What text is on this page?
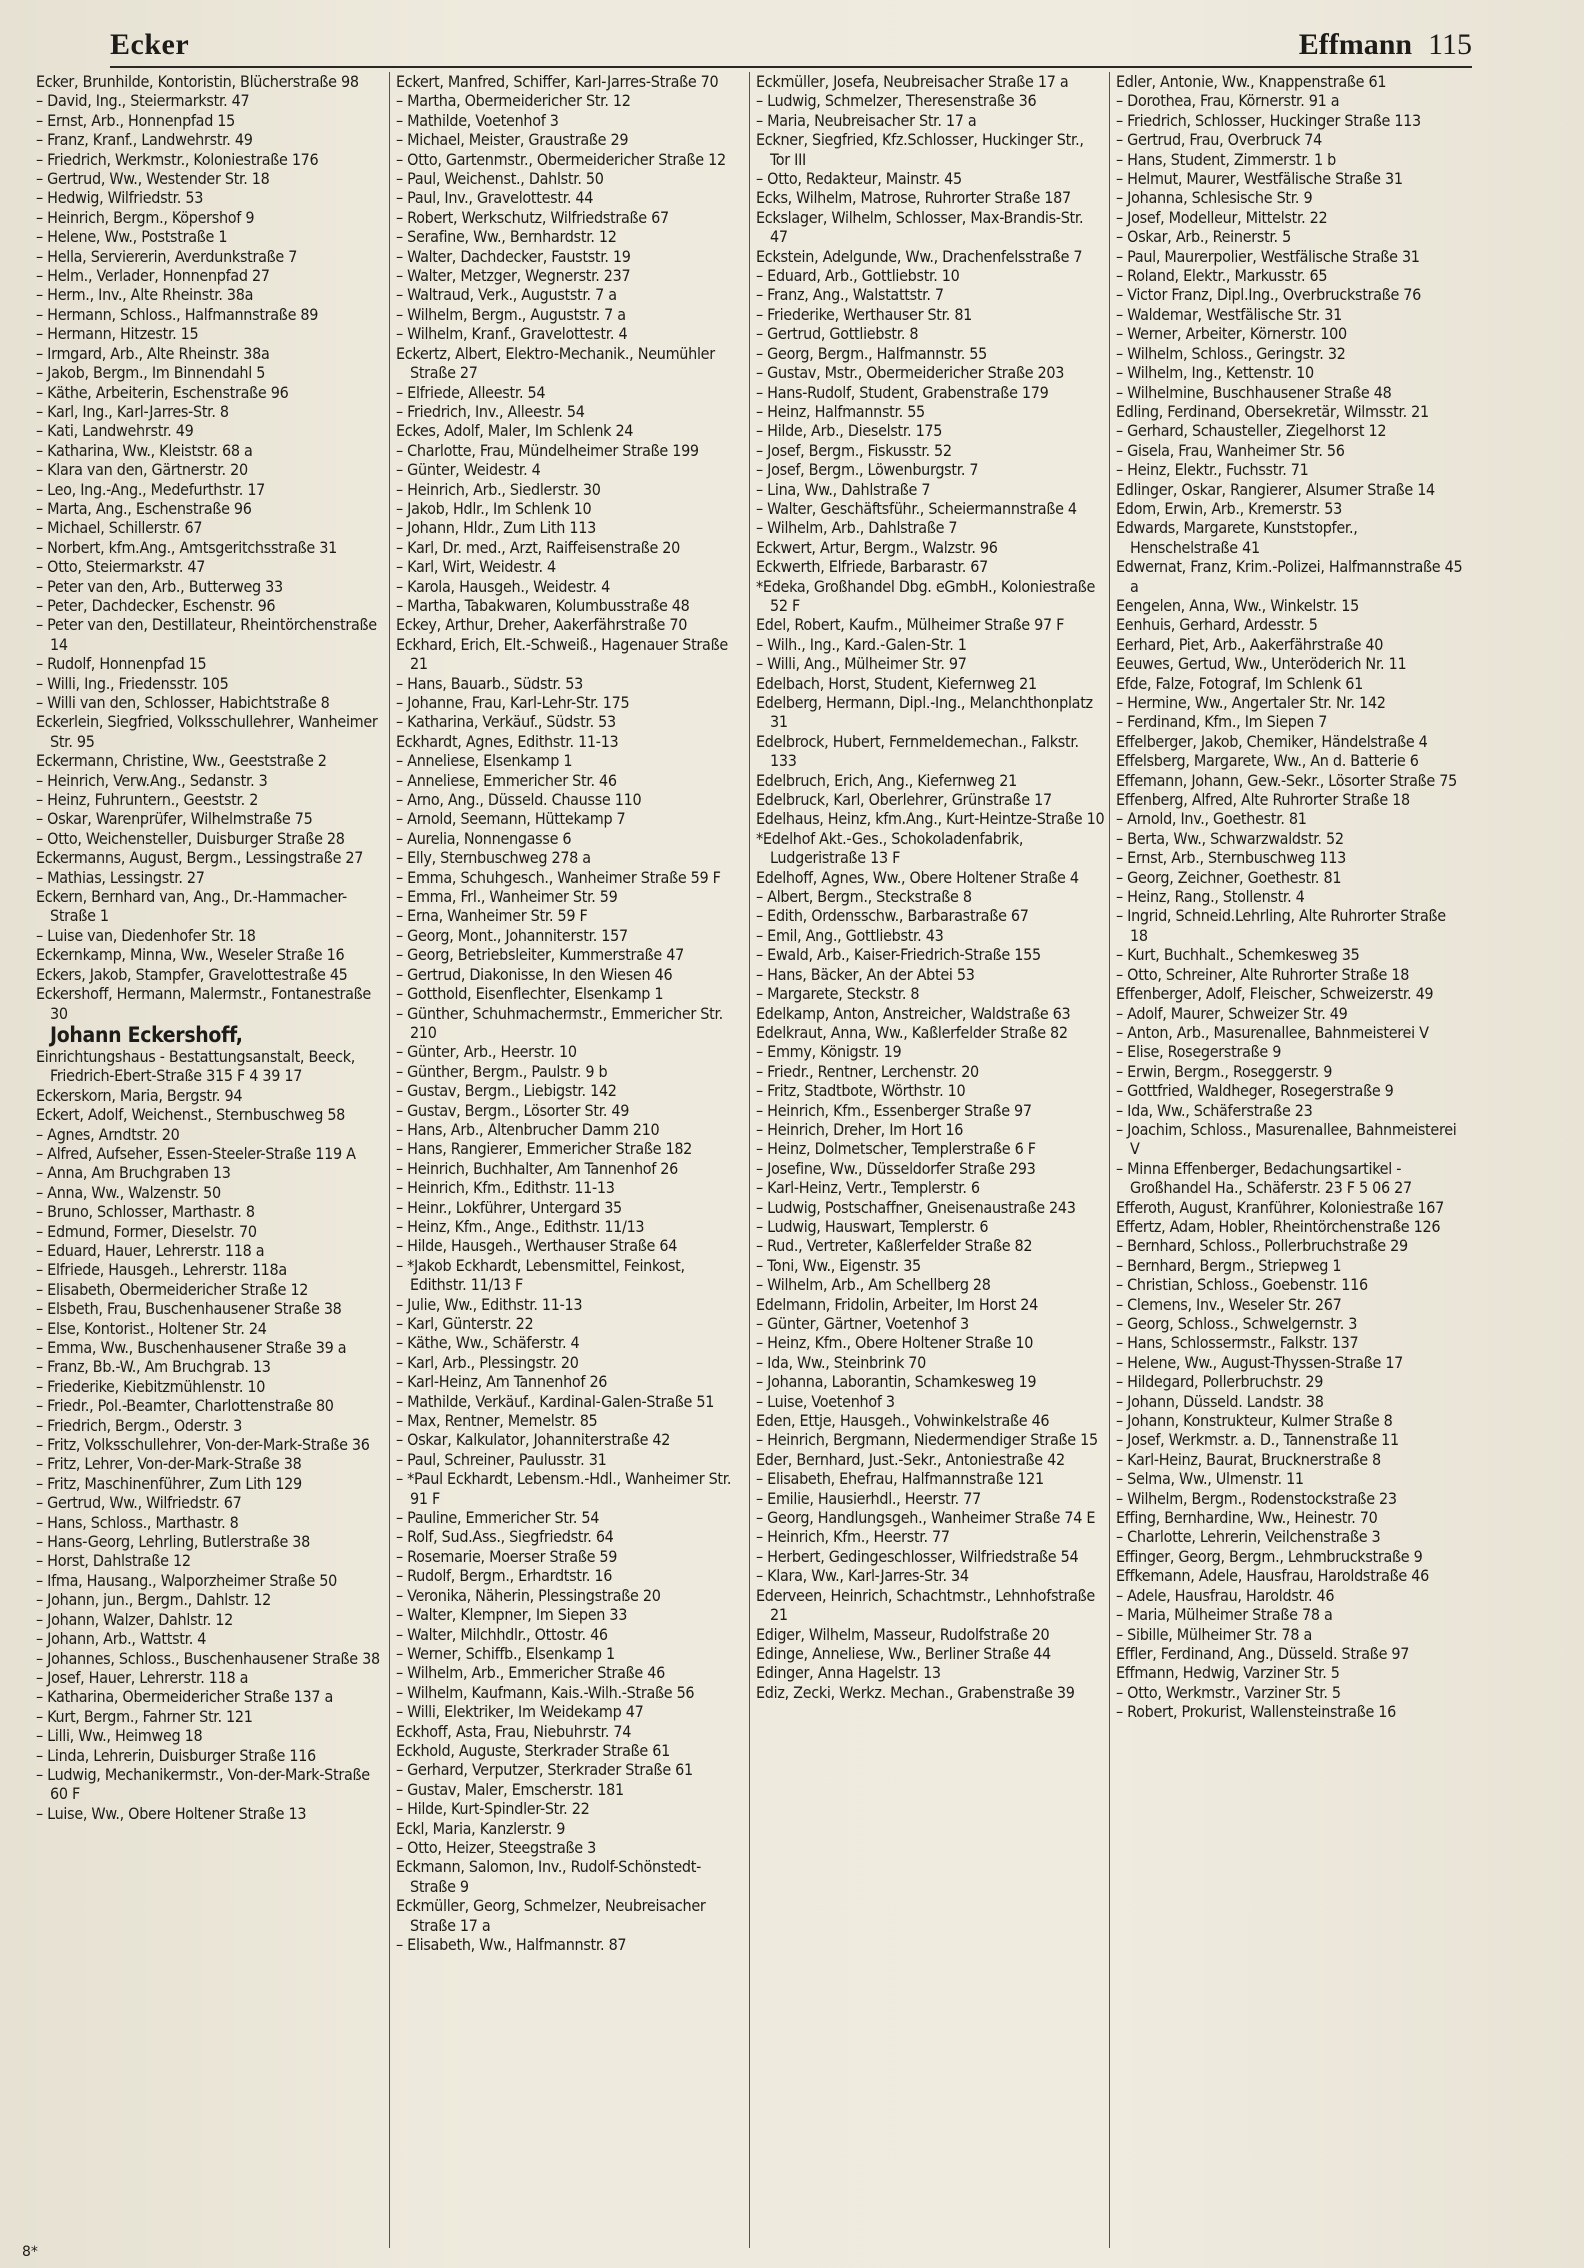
Ecker	Effmann 115
Ecker, Brunhilde, Kontoristin, Blücherstraße 98
– David, Ing., Steiermarkstr. 47
– Ernst, Arb., Honnenpfad 15
– Franz, Kranf., Landwehrstr. 49
– Friedrich, Werkmstr., Koloniestraße 176
– Gertrud, Ww., Westender Str. 18
– Hedwig, Wilfriedstr. 53
– Heinrich, Bergm., Köpershof 9
– Helene, Ww., Poststraße 1
– Hella, Serviererin, Averdunkstraße 7
– Helm., Verlader, Honnenpfad 27
– Herm., Inv., Alte Rheinstr. 38a
– Hermann, Schloss., Halfmannstraße 89
– Hermann, Hitzestr. 15
– Irmgard, Arb., Alte Rheinstr. 38a
– Jakob, Bergm., Im Binnendahl 5
– Käthe, Arbeiterin, Eschenstraße 96
– Karl, Ing., Karl-Jarres-Str. 8
– Kati, Landwehrstr. 49
– Katharina, Ww., Kleiststr. 68 a
– Klara van den, Gärtnerstr. 20
– Leo, Ing.-Ang., Medefurthstr. 17
– Marta, Ang., Eschenstraße 96
– Michael, Schillerstr. 67
– Norbert, kfm.Ang., Amtsgeritchsstraße 31
– Otto, Steiermarkstr. 47
– Peter van den, Arb., Butterweg 33
– Peter, Dachdecker, Eschenstr. 96
– Peter van den, Destillateur, Rheintörchenstraße 14
– Rudolf, Honnenpfad 15
– Willi, Ing., Friedensstr. 105
– Willi van den, Schlosser, Habichtstraße 8
Eckerlein, Siegfried, Volksschullehrer, Wanheimer Str. 95
Eckermann, Christine, Ww., Geeststraße 2
– Heinrich, Verw.Ang., Sedanstr. 3
– Heinz, Fuhruntern., Geeststr. 2
– Oskar, Warenprüfer, Wilhelmstraße 75
– Otto, Weichensteller, Duisburger Straße 28
Eckermanns, August, Bergm., Lessingstraße 27
– Mathias, Lessingstr. 27
Eckern, Bernhard van, Ang., Dr.-Hammacher-Straße 1
– Luise van, Diedenhofer Str. 18
Eckernkamp, Minna, Ww., Weseler Straße 16
Eckers, Jakob, Stampfer, Gravelottestraße 45
Eckershoff, Hermann, Malermstr., Fontanestraße 30
Johann Eckershoff,
Einrichtungshaus - Bestattungsanstalt, Beeck, Friedrich-Ebert-Straße 315 F 4 39 17
Eckerskorn, Maria, Bergstr. 94
Eckert, Adolf, Weichenst., Sternbuschweg 58
– Agnes, Arndtstr. 20
– Alfred, Aufseher, Essen-Steeler-Straße 119 A
– Anna, Am Bruchgraben 13
– Anna, Ww., Walzenstr. 50
– Bruno, Schlosser, Marthastr. 8
– Edmund, Former, Dieselstr. 70
– Eduard, Hauer, Lehrerstr. 118 a
– Elfriede, Hausgeh., Lehrerstr. 118a
– Elisabeth, Obermeidericher Straße 12
– Elsbeth, Frau, Buschenhausener Straße 38
– Else, Kontorist., Holtener Str. 24
– Emma, Ww., Buschenhausener Straße 39 a
– Franz, Bb.-W., Am Bruchgrab. 13
– Friederike, Kiebitzmühlenstr. 10
– Friedr., Pol.-Beamter, Charlottenstraße 80
– Friedrich, Bergm., Oderstr. 3
– Fritz, Volksschullehrer, Von-der-Mark-Straße 36
– Fritz, Lehrer, Von-der-Mark-Straße 38
– Fritz, Maschinenführer, Zum Lith 129
– Gertrud, Ww., Wilfriedstr. 67
– Hans, Schloss., Marthastr. 8
– Hans-Georg, Lehrling, Butlerstraße 38
– Horst, Dahlstraße 12
– Ifma, Hausang., Walporzheimer Straße 50
– Johann, jun., Bergm., Dahlstr. 12
– Johann, Walzer, Dahlstr. 12
– Johann, Arb., Wattstr. 4
– Johannes, Schloss., Buschenhausener Straße 38
– Josef, Hauer, Lehrerstr. 118 a
– Katharina, Obermeidericher Straße 137 a
– Kurt, Bergm., Fahrner Str. 121
– Lilli, Ww., Heimweg 18
– Linda, Lehrerin, Duisburger Straße 116
– Ludwig, Mechanikermstr., Von-der-Mark-Straße 60 F
– Luise, Ww., Obere Holtener Straße 13
Eckert, Manfred, Schiffer, Karl-Jarres-Straße 70
– Martha, Obermeidericher Str. 12
– Mathilde, Voetenhof 3
– Michael, Meister, Graustraße 29
– Otto, Gartenmstr., Obermeidericher Straße 12
– Paul, Weichenst., Dahlstr. 50
– Paul, Inv., Gravelottestr. 44
– Robert, Werkschutz, Wilfriedstraße 67
– Serafine, Ww., Bernhardstr. 12
– Walter, Dachdecker, Fauststr. 19
– Walter, Metzger, Wegnerstr. 237
– Waltraud, Verk., Auguststr. 7 a
– Wilhelm, Bergm., Auguststr. 7 a
– Wilhelm, Kranf., Gravelottestr. 4
Eckertz, Albert, Elektro-Mechanik., Neumühler Straße 27
– Elfriede, Alleestr. 54
– Friedrich, Inv., Alleestr. 54
Eckes, Adolf, Maler, Im Schlenk 24
– Charlotte, Frau, Mündelheimer Straße 199
– Günter, Weidestr. 4
– Heinrich, Arb., Siedlerstr. 30
– Jakob, Hdlr., Im Schlenk 10
– Johann, Hldr., Zum Lith 113
– Karl, Dr. med., Arzt, Raiffeisenstraße 20
– Karl, Wirt, Weidestr. 4
– Karola, Hausgeh., Weidestr. 4
– Martha, Tabakwaren, Kolumbusstraße 48
Eckey, Arthur, Dreher, Aakerfährstraße 70
Eckhard, Erich, Elt.-Schweiß., Hagenauer Straße 21
– Hans, Bauarb., Südstr. 53
– Johanne, Frau, Karl-Lehr-Str. 175
– Katharina, Verkäuf., Südstr. 53
Eckhardt, Agnes, Edithstr. 11-13
– Anneliese, Elsenkamp 1
– Anneliese, Emmericher Str. 46
– Arno, Ang., Düsseld. Chausse 110
– Arnold, Seemann, Hüttekamp 7
– Aurelia, Nonnengasse 6
– Elly, Sternbuschweg 278 a
– Emma, Schuhgesch., Wanheimer Straße 59 F
– Emma, Frl., Wanheimer Str. 59
– Erna, Wanheimer Str. 59 F
– Georg, Mont., Johanniterstr. 157
– Georg, Betriebsleiter, Kummerstraße 47
– Gertrud, Diakonisse, In den Wiesen 46
– Gotthold, Eisenflechter, Elsenkamp 1
– Günther, Schuhmachermstr., Emmericher Str. 210
– Günter, Arb., Heerstr. 10
– Günther, Bergm., Paulstr. 9 b
– Gustav, Bergm., Liebigstr. 142
– Gustav, Bergm., Lösorter Str. 49
– Hans, Arb., Altenbrucher Damm 210
– Hans, Rangierer, Emmericher Straße 182
– Heinrich, Buchhalter, Am Tannenhof 26
– Heinrich, Kfm., Edithstr. 11-13
– Heinr., Lokführer, Untergard 35
– Heinz, Kfm., Ange., Edithstr. 11/13
– Hilde, Hausgeh., Werthauser Straße 64
– *Jakob Eckhardt, Lebensmittel, Feinkost, Edithstr. 11/13 F
– Julie, Ww., Edithstr. 11-13
– Karl, Günterstr. 22
– Käthe, Ww., Schäferstr. 4
– Karl, Arb., Plessingstr. 20
– Karl-Heinz, Am Tannenhof 26
– Mathilde, Verkäuf., Kardinal-Galen-Straße 51
– Max, Rentner, Memelstr. 85
– Oskar, Kalkulator, Johanniterstraße 42
– Paul, Schreiner, Paulusstr. 31
– *Paul Eckhardt, Lebensm.-Hdl., Wanheimer Str. 91 F
– Pauline, Emmericher Str. 54
– Rolf, Sud.Ass., Siegfriedstr. 64
– Rosemarie, Moerser Straße 59
– Rudolf, Bergm., Erhardtstr. 16
– Veronika, Näherin, Plessingstraße 20
– Walter, Klempner, Im Siepen 33
– Walter, Milchhdlr., Ottostr. 46
– Werner, Schiffb., Elsenkamp 1
– Wilhelm, Arb., Emmericher Straße 46
– Wilhelm, Kaufmann, Kais.-Wilh.-Straße 56
– Willi, Elektriker, Im Weidekamp 47
Eckhoff, Asta, Frau, Niebuhrstr. 74
Eckhold, Auguste, Sterkrader Straße 61
– Gerhard, Verputzer, Sterkrader Straße 61
– Gustav, Maler, Emscherstr. 181
– Hilde, Kurt-Spindler-Str. 22
Eckl, Maria, Kanzlerstr. 9
– Otto, Heizer, Steegstraße 3
Eckmann, Salomon, Inv., Rudolf-Schönstedt-Straße 9
Eckmüller, Georg, Schmelzer, Neubreisacher Straße 17 a
– Elisabeth, Ww., Halfmannstr. 87
Eckmüller, Josefa, Neubreisacher Straße 17 a
– Ludwig, Schmelzer, Theresenstraße 36
– Maria, Neubreisacher Str. 17 a
Eckner, Siegfried, Kfz.Schlosser, Huckinger Str., Tor III
– Otto, Redakteur, Mainstr. 45
Ecks, Wilhelm, Matrose, Ruhrorter Straße 187
Eckslager, Wilhelm, Schlosser, Max-Brandis-Str. 47
Eckstein, Adelgunde, Ww., Drachenfelsstraße 7
– Eduard, Arb., Gottliebstr. 10
– Franz, Ang., Walstattstr. 7
– Friederike, Werthauser Str. 81
– Gertrud, Gottliebstr. 8
– Georg, Bergm., Halfmannstr. 55
– Gustav, Mstr., Obermeidericher Straße 203
– Hans-Rudolf, Student, Grabenstraße 179
– Heinz, Halfmannstr. 55
– Hilde, Arb., Dieselstr. 175
– Josef, Bergm., Fiskusstr. 52
– Josef, Bergm., Löwenburgstr. 7
– Lina, Ww., Dahlstraße 7
– Walter, Geschäftsführ., Scheiermannstraße 4
– Wilhelm, Arb., Dahlstraße 7
Eckwert, Artur, Bergm., Walzstr. 96
Eckwerth, Elfriede, Barbarastr. 67
*Edeka, Großhandel Dbg. eGmbH., Koloniestraße 52 F
Edel, Robert, Kaufm., Mülheimer Straße 97 F
– Wilh., Ing., Kard.-Galen-Str. 1
– Willi, Ang., Mülheimer Str. 97
Edelbach, Horst, Student, Kiefernweg 21
Edelberg, Hermann, Dipl.-Ing., Melanchthonplatz 31
Edelbrock, Hubert, Fernmeldemechan., Falkstr. 133
Edelbruch, Erich, Ang., Kiefernweg 21
Edelbruck, Karl, Oberlehrer, Grünstraße 17
Edelhaus, Heinz, kfm.Ang., Kurt-Heintze-Straße 10
*Edelhof Akt.-Ges., Schokoladenfabrik, Ludgeristraße 13 F
Edelhoff, Agnes, Ww., Obere Holtener Straße 4
– Albert, Bergm., Steckstraße 8
– Edith, Ordensschw., Barbarastraße 67
– Emil, Ang., Gottliebstr. 43
– Ewald, Arb., Kaiser-Friedrich-Straße 155
– Hans, Bäcker, An der Abtei 53
– Margarete, Steckstr. 8
Edelkamp, Anton, Anstreicher, Waldstraße 63
Edelkraut, Anna, Ww., Kaßlerfelder Straße 82
– Emmy, Königstr. 19
– Friedr., Rentner, Lerchenstr. 20
– Fritz, Stadtbote, Wörthstr. 10
– Heinrich, Kfm., Essenberger Straße 97
– Heinrich, Dreher, Im Hort 16
– Heinz, Dolmetscher, Templerstraße 6 F
– Josefine, Ww., Düsseldorfer Straße 293
– Karl-Heinz, Vertr., Templerstr. 6
– Ludwig, Postschaffner, Gneisenaustraße 243
– Ludwig, Hauswart, Templerstr. 6
– Rud., Vertreter, Kaßlerfelder Straße 82
– Toni, Ww., Eigenstr. 35
– Wilhelm, Arb., Am Schellberg 28
Edelmann, Fridolin, Arbeiter, Im Horst 24
– Günter, Gärtner, Voetenhof 3
– Heinz, Kfm., Obere Holtener Straße 10
– Ida, Ww., Steinbrink 70
– Johanna, Laborantin, Schamkesweg 19
– Luise, Voetenhof 3
Eden, Ettje, Hausgeh., Vohwinkelstraße 46
– Heinrich, Bergmann, Niedermendiger Straße 15
Eder, Bernhard, Just.-Sekr., Antoniestraße 42
– Elisabeth, Ehefrau, Halfmannstraße 121
– Emilie, Hausierhdl., Heerstr. 77
– Georg, Handlungsgeh., Wanheimer Straße 74 E
– Heinrich, Kfm., Heerstr. 77
– Herbert, Gedingeschlosser, Wilfriedstraße 54
– Klara, Ww., Karl-Jarres-Str. 34
Ederveen, Heinrich, Schachtmstr., Lehnhofstraße 21
Ediger, Wilhelm, Masseur, Rudolfstraße 20
Edinge, Anneliese, Ww., Berliner Straße 44
Edinger, Anna Hagelstr. 13
Ediz, Zecki, Werkz. Mechan., Grabenstraße 39
Edler, Antonie, Ww., Knappenstraße 61
– Dorothea, Frau, Körnerstr. 91 a
– Friedrich, Schlosser, Huckinger Straße 113
– Gertrud, Frau, Overbruck 74
– Hans, Student, Zimmerstr. 1 b
– Helmut, Maurer, Westfälische Straße 31
– Johanna, Schlesische Str. 9
– Josef, Modelleur, Mittelstr. 22
– Oskar, Arb., Reinerstr. 5
– Paul, Maurerpolier, Westfälische Straße 31
– Roland, Elektr., Markusstr. 65
– Victor Franz, Dipl.Ing., Overbruckstraße 76
– Waldemar, Westfälische Str. 31
– Werner, Arbeiter, Körnerstr. 100
– Wilhelm, Schloss., Geringstr. 32
– Wilhelm, Ing., Kettenstr. 10
– Wilhelmine, Buschhausener Straße 48
Edling, Ferdinand, Obersekretär, Wilmsstr. 21
– Gerhard, Schausteller, Ziegelhorst 12
– Gisela, Frau, Wanheimer Str. 56
– Heinz, Elektr., Fuchsstr. 71
Edlinger, Oskar, Rangierer, Alsumer Straße 14
Edom, Erwin, Arb., Kremerstr. 53
Edwards, Margarete, Kunststopfer., Henschelstraße 41
Edwernat, Franz, Krim.-Polizei, Halfmannstraße 45 a
Eengelen, Anna, Ww., Winkelstr. 15
Eenhuis, Gerhard, Ardesstr. 5
Eerhard, Piet, Arb., Aakerfährstraße 40
Eeuwes, Gertud, Ww., Unteröderich Nr. 11
Efde, Falze, Fotograf, Im Schlenk 61
– Hermine, Ww., Angertaler Str. Nr. 142
– Ferdinand, Kfm., Im Siepen 7
Effelberger, Jakob, Chemiker, Händelstraße 4
Effelsberg, Margarete, Ww., An d. Batterie 6
Effemann, Johann, Gew.-Sekr., Lösorter Straße 75
Effenberg, Alfred, Alte Ruhrorter Straße 18
– Arnold, Inv., Goethestr. 81
– Berta, Ww., Schwarzwaldstr. 52
– Ernst, Arb., Sternbuschweg 113
– Georg, Zeichner, Goethestr. 81
– Heinz, Rang., Stollenstr. 4
– Ingrid, Schneid.Lehrling, Alte Ruhrorter Straße 18
– Kurt, Buchhalt., Schemkesweg 35
– Otto, Schreiner, Alte Ruhrorter Straße 18
Effenberger, Adolf, Fleischer, Schweizerstr. 49
– Adolf, Maurer, Schweizer Str. 49
– Anton, Arb., Masurenallee, Bahnmeisterei V
– Elise, Rosegerstraße 9
– Erwin, Bergm., Roseggerstr. 9
– Gottfried, Waldheger, Rosegerstraße 9
– Ida, Ww., Schäferstraße 23
– Joachim, Schloss., Masurenallee, Bahnmeisterei V
– Minna Effenberger, Bedachungsartikel - Großhandel Ha., Schäferstr. 23 F 5 06 27
Efferoth, August, Kranführer, Koloniestraße 167
Effertz, Adam, Hobler, Rheintörchenstraße 126
– Bernhard, Schloss., Pollerbruchstraße 29
– Bernhard, Bergm., Striepweg 1
– Christian, Schloss., Goebenstr. 116
– Clemens, Inv., Weseler Str. 267
– Georg, Schloss., Schwelgernstr. 3
– Hans, Schlossermstr., Falkstr. 137
– Helene, Ww., August-Thyssen-Straße 17
– Hildegard, Pollerbruchstr. 29
– Johann, Düsseld. Landstr. 38
– Johann, Konstrukteur, Kulmer Straße 8
– Josef, Werkmstr. a. D., Tannenstraße 11
– Karl-Heinz, Baurat, Brucknerstraße 8
– Selma, Ww., Ulmenstr. 11
– Wilhelm, Bergm., Rodenstockstraße 23
Effing, Bernhardine, Ww., Heinestr. 70
– Charlotte, Lehrerin, Veilchenstraße 3
Effinger, Georg, Bergm., Lehmbruckstraße 9
Effkemann, Adele, Hausfrau, Haroldstraße 46
– Adele, Hausfrau, Haroldstr. 46
– Maria, Mülheimer Straße 78 a
– Sibille, Mülheimer Str. 78 a
Effler, Ferdinand, Ang., Düsseld. Straße 97
Effmann, Hedwig, Varziner Str. 5
– Otto, Werkmstr., Varziner Str. 5
– Robert, Prokurist, Wallensteinstraße 16
8*
